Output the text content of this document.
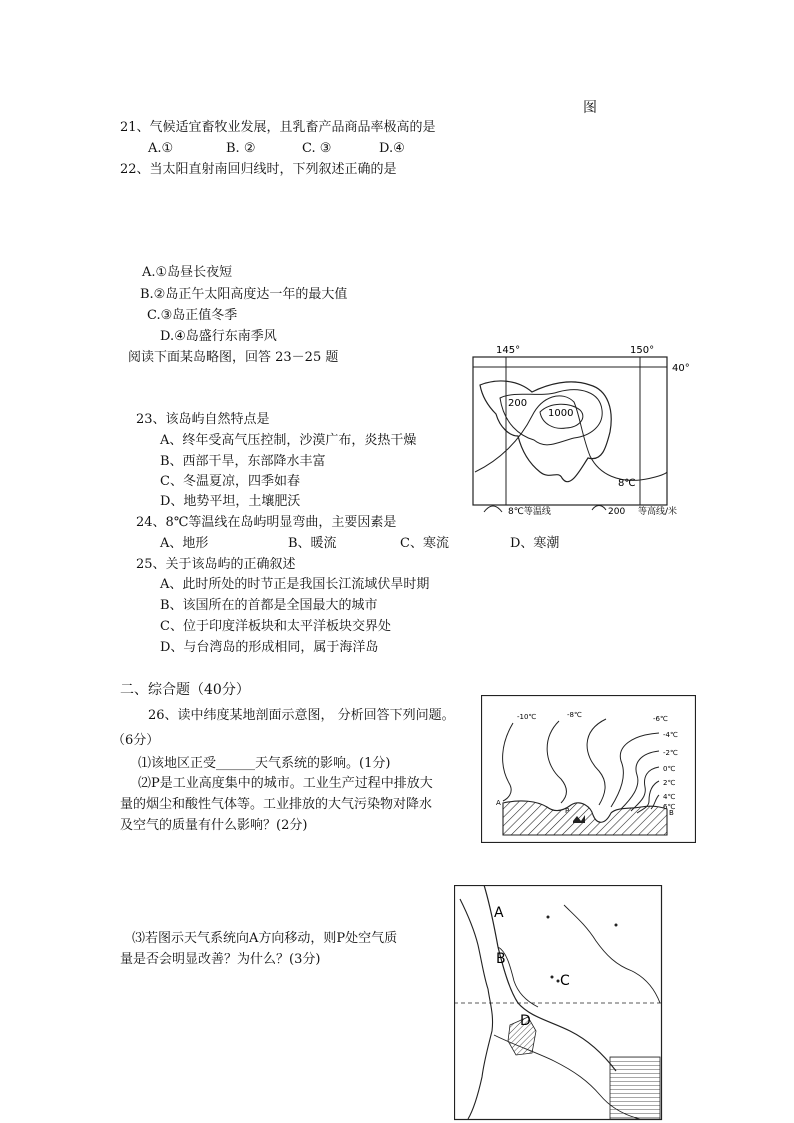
图
21、气候适宜畜牧业发展，且乳畜产品商品率极高的是
A.①	B. ②	C. ③	D.④
22、当太阳直射南回归线时，下列叙述正确的是
A.①岛昼长夜短
B.②岛正午太阳高度达一年的最大值
C.③岛正值冬季
D.④岛盛行东南季风
阅读下面某岛略图，回答 23－25 题	145°	150°
40°
200
1000
8℃
8℃等温线	200 等高线/米
23、该岛屿自然特点是
A、终年受高气压控制，沙漠广布，炎热干燥
B、西部干旱，东部降水丰富
C、冬温夏凉，四季如春
D、地势平坦，土壤肥沃
24、8℃等温线在岛屿明显弯曲，主要因素是
A、地形	B、暖流	C、寒流	D、寒潮
25、关于该岛屿的正确叙述
A、此时所处的时节正是我国长江流域伏旱时期
B、该国所在的首都是全国最大的城市
C、位于印度洋板块和太平洋板块交界处
D、与台湾岛的形成相同，属于海洋岛
二、综合题（40分）
26、读中纬度某地剖面示意图， 分析回答下列问题。
（6分）
⑴该地区正受______天气系统的影响。(1分)
⑵P是工业高度集中的城市。工业生产过程中排放大
量的烟尘和酸性气体等。工业排放的大气污染物对降水
及空气的质量有什么影响？(2分)
⑶若图示天气系统向A方向移动，则P处空气质
量是否会明显改善？为什么？(3分)
-10℃	-8℃	-6℃
-4℃
-2℃
0℃
2℃
4℃
6℃
A
B
P
A
B
C
D
